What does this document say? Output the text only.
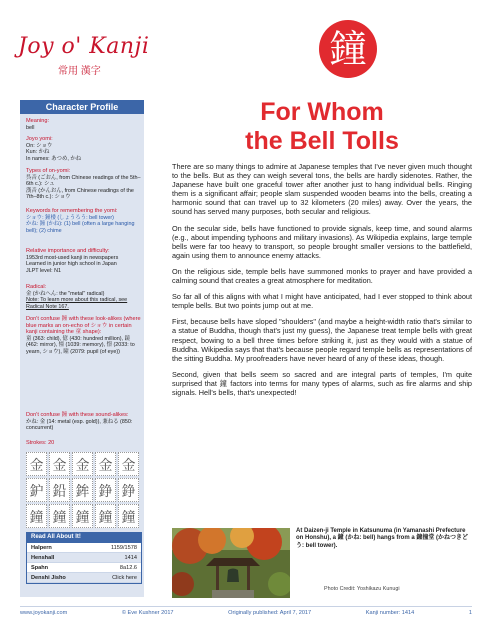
Joy o' Kanji
常用 漢字
鐘
Character Profile
Meaning:
bell
Joyo yomi:
On: ショウ
Kun: かね
In names: あつめ, かね
Types of on-yomi:
呉音 (ごおん, from Chinese readings of the 5th–6th c.): シュ
漢音 (かんおん, from Chinese readings of the 7th–8th c.): ショウ
Keywords for remembering the yomi:
ショウ: 鐘楼 (しょうろう: bell tower)
かね: 鐘 (かね): (1) bell (often a large hanging bell); (2) chime
Relative importance and difficulty:
1953rd most-used kanji in newspapers
Learned in junior high school in Japan
JLPT level: N1
Radical:
金 (かねへん: the "metal" radical)
Note: To learn more about this radical, see Radical Note 167.
Don't confuse 鐘 with these look-alikes (where blue marks an on-echo of ショウ in certain kanji containing the 童 shape):
童 (363: child), 億 (430: hundred million), 鏡 (462: mirror), 憧 (1039: memory), 憬 (2033: to yearn, ショウ), 瞳 (2079: pupil (of eye))
Don't confuse 鐘 with these sound-alikes:
かね: 金 (14: metal (esp. gold)), 兼ねる (850: concurrent)
Strokes: 20
金 金 金 金 金
鈩 鉛 鉾 錚 錚
鐘 鐘 鐘 鐘 鐘
Read All About It!
Halpern	1159/1578
Henshall	1414
Spahn	8a12.6
Denshi Jisho	Click here
For Whom
the Bell Tolls

There are so many things to admire at Japanese temples that I've never given much thought to the bells. But as they can weigh several tons, the bells are hardly sidenotes. Rather, the Japanese have built one graceful tower after another just to hang individual bells. Ringing them is a significant affair; people slam suspended wooden beams into the bells, creating a harmonic sound that can travel up to 32 kilometers (20 miles) away. Over the years, the sound has served many purposes, both secular and religious.

On the secular side, bells have functioned to provide signals, keep time, and sound alarms (e.g., about impending typhoons and military invasions). As Wikipedia explains, large temple bells were far too heavy to transport, so people brought smaller versions to the battlefield, again using them to announce enemy attacks.

On the religious side, temple bells have summoned monks to prayer and have provided a calming sound that creates a great atmosphere for meditation.

So far all of this aligns with what I might have anticipated, had I ever stopped to think about temple bells. But two points jump out at me.

First, because bells have sloped "shoulders" (and maybe a height-width ratio that's similar to a statue of Buddha, though that's just my guess), the Japanese treat temple bells with great respect, bowing to a bell three times before striking it, just as they would with a statue of Buddha. Wikipedia says that that's because people regard temple bells as representations of the sitting Buddha. My proofreaders have never heard of any of these ideas, though.

Second, given that bells seem so sacred and are integral parts of temples, I'm quite surprised that 鐘 factors into terms for many types of alarms, such as fire alarms and ship signals. Hell's bells, that's unexpected!

At Daizen-ji Temple in Katsunuma (in Yamanashi Prefecture on Honshu), a 鐘 (かね: bell) hangs from a 鐘撞堂 (かねつきどう: bell tower).
Photo Credit: Yoshikazu Kunugi
www.joyokanji.com	© Eve Kushner 2017	Originally published: April 7, 2017	Kanji number: 1414	1
